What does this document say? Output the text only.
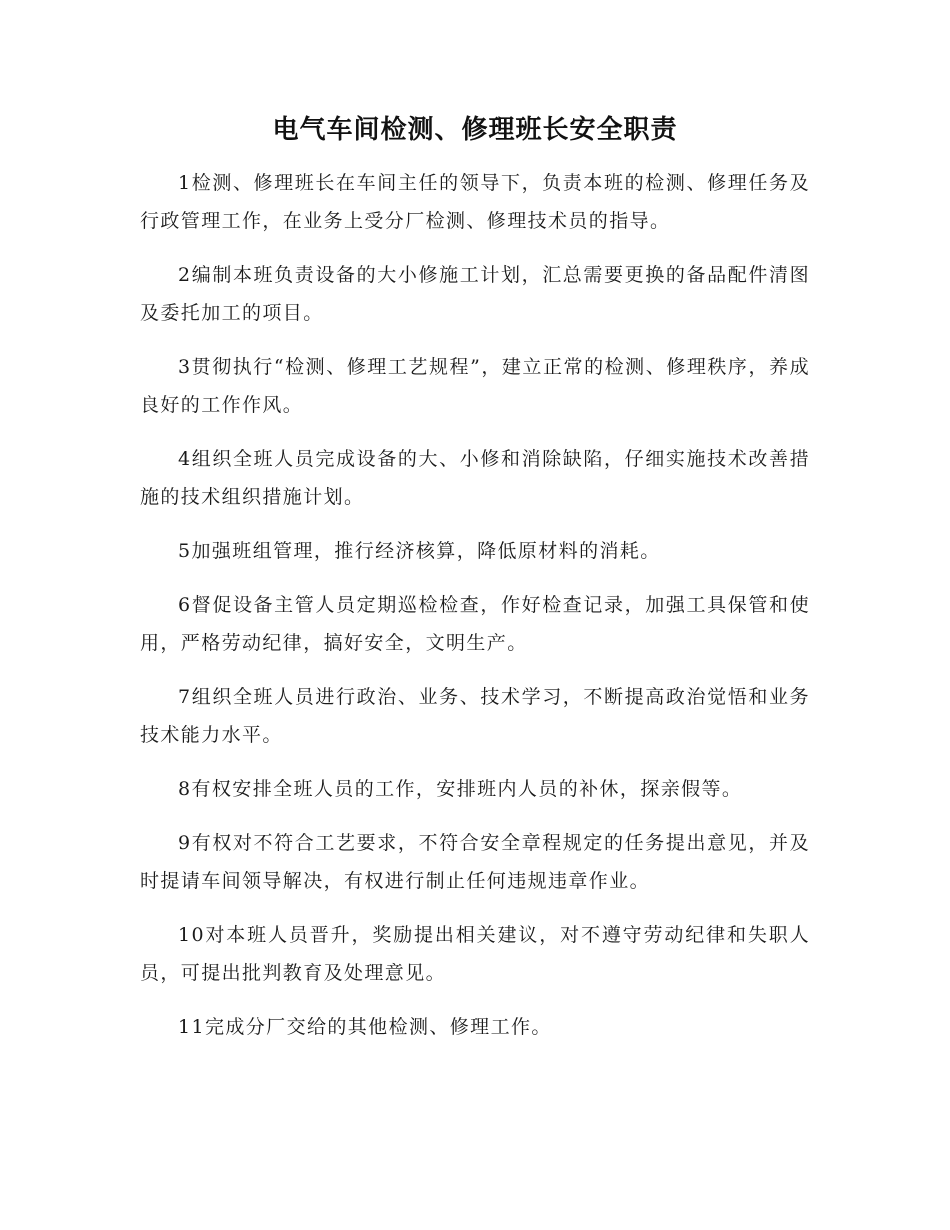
电气车间检测、修理班长安全职责

1检测、修理班长在车间主任的领导下，负责本班的检测、修理任务及行政管理工作，在业务上受分厂检测、修理技术员的指导。

2编制本班负责设备的大小修施工计划，汇总需要更换的备品配件清图及委托加工的项目。

3贯彻执行“检测、修理工艺规程”，建立正常的检测、修理秩序，养成良好的工作作风。

4组织全班人员完成设备的大、小修和消除缺陷，仔细实施技术改善措施的技术组织措施计划。

5加强班组管理，推行经济核算，降低原材料的消耗。

6督促设备主管人员定期巡检检查，作好检查记录，加强工具保管和使用，严格劳动纪律，搞好安全，文明生产。

7组织全班人员进行政治、业务、技术学习，不断提高政治觉悟和业务技术能力水平。

8有权安排全班人员的工作，安排班内人员的补休，探亲假等。

9有权对不符合工艺要求，不符合安全章程规定的任务提出意见，并及时提请车间领导解决，有权进行制止任何违规违章作业。

10对本班人员晋升，奖励提出相关建议，对不遵守劳动纪律和失职人员，可提出批判教育及处理意见。

11完成分厂交给的其他检测、修理工作。
